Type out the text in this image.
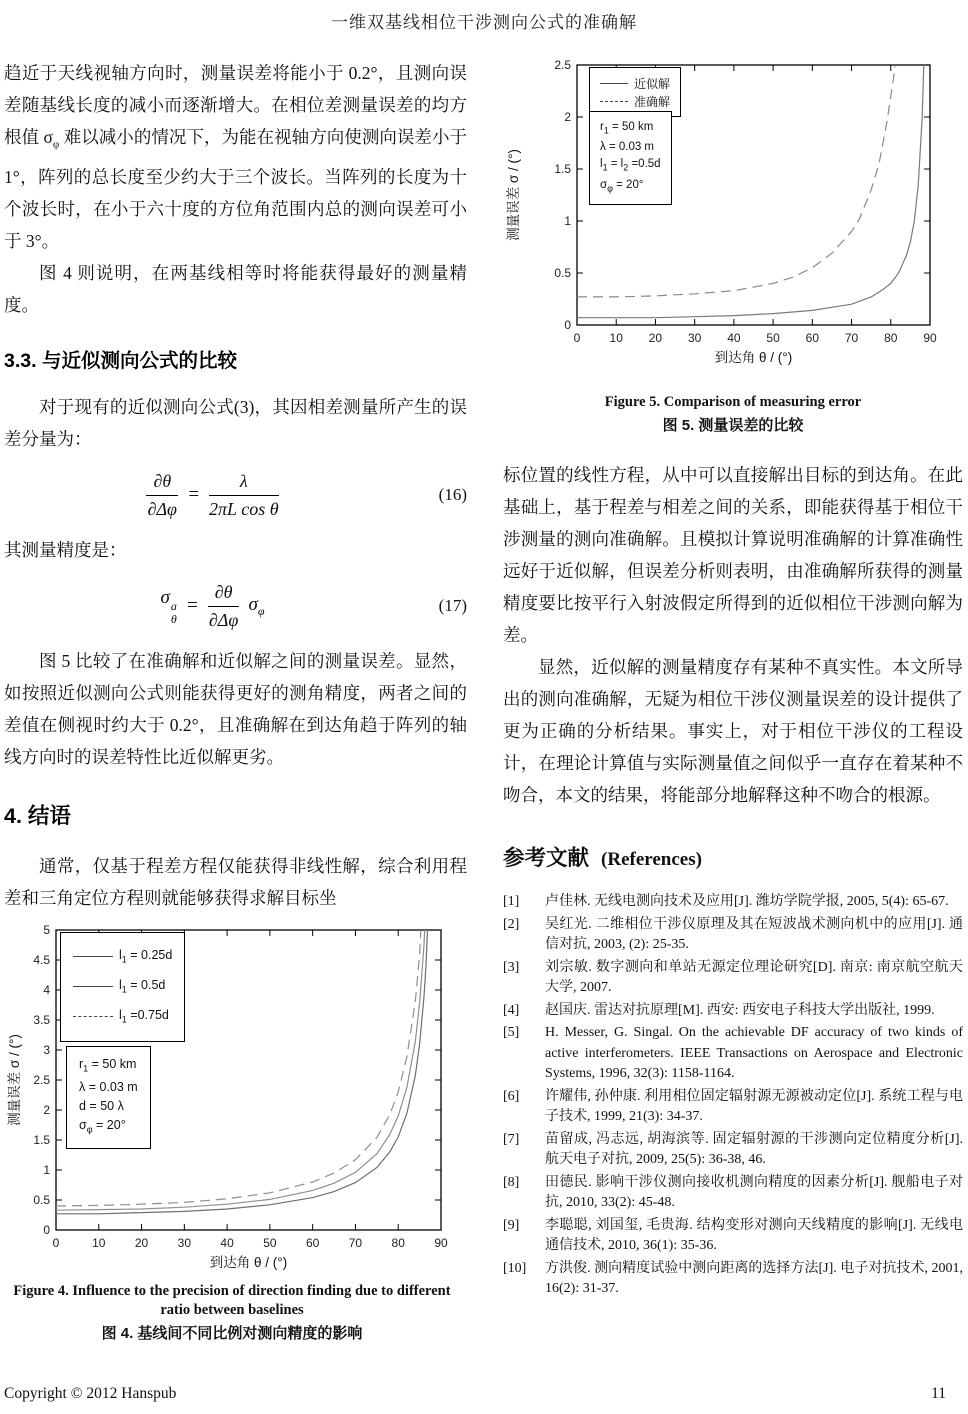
一维双基线相位干涉测向公式的准确解

趋近于天线视轴方向时，测量误差将能小于 0.2°，且测向误差随基线长度的减小而逐渐增大。在相位差测量误差的均方根值 $\sigma_\varphi$ 难以减小的情况下，为能在视轴方向使测向误差小于 1°，阵列的总长度至少约大于三个波长。当阵列的长度为十个波长时，在小于六十度的方位角范围内总的测向误差可小于 3°。

图 4 则说明，在两基线相等时将能获得最好的测量精度。

3.3. 与近似测向公式的比较

对于现有的近似测向公式(3)，其因相差测量所产生的误差分量为：

$\frac{\partial\theta}{\partial\Delta\varphi} = \frac{\lambda}{\text{2πL cos θ}}$	(16)

其测量精度是：

σ a
θ
= $\frac{\partial\theta}{\partial\Delta\varphi} \sigma_\varphi$	(17)

图 5 比较了在准确解和近似解之间的测量误差。显然，如按照近似测向公式则能获得更好的测角精度，两者之间的差值在侧视时约大于 0.2°，且准确解在到达角趋于阵列的轴线方向时的误差特性比近似解更劣。

4. 结语

通常，仅基于程差方程仅能获得非线性解，综合利用程差和三角定位方程则就能够获得求解目标坐

0	10 20 30 40 50 60 70 80 90
0
0.5
1
1.5
2
2.5
3
3.5
4
4.5
5
到达角 θ / (°)
测量误差 σ / (°)
$l_1 = 0.25d$
$l_1 = 0.5d$
$l_1 =0.75d$
$r_1 = 50$ km
λ = 0.03 m
d = 50 λ
$\sigma_\varphi = 20^\circ$
Figure 4. Influence to the precision of direction finding due to different ratio between baselines
图 4. 基线间不同比例对测向精度的影响
0 10 20 30 40 50 60 70 80 90
0
0.5
1
1.5
2
2.5
到达角 θ / (°)
测量误差 σ / (°)
近似解
准确解
$r_1 = 50$ km
λ = 0.03 m
$l_1 = l_2 =0.5d$
$\sigma_\varphi = 20^\circ$
Figure 5. Comparison of measuring error
图 5. 测量误差的比较

标位置的线性方程，从中可以直接解出目标的到达角。在此基础上，基于程差与相差之间的关系，即能获得基于相位干涉测量的测向准确解。且模拟计算说明准确解的计算准确性远好于近似解，但误差分析则表明，由准确解所获得的测量精度要比按平行入射波假定所得到的近似相位干涉测向解为差。

显然，近似解的测量精度存有某种不真实性。本文所导出的测向准确解，无疑为相位干涉仪测量误差的设计提供了更为正确的分析结果。事实上，对于相位干涉仪的工程设计，在理论计算值与实际测量值之间似乎一直存在着某种不吻合，本文的结果，将能部分地解释这种不吻合的根源。

参考文献 (References)
[1]	卢佳林. 无线电测向技术及应用[J]. 潍坊学院学报, 2005, 5(4): 65-67.
[2]	吴红光. 二维相位干涉仪原理及其在短波战术测向机中的应用[J]. 通信对抗, 2003, (2): 25-35.
[3]	刘宗敏. 数字测向和单站无源定位理论研究[D]. 南京: 南京航空航天大学, 2007.
[4]	赵国庆. 雷达对抗原理[M]. 西安: 西安电子科技大学出版社, 1999.
[5]	H. Messer, G. Singal. On the achievable DF accuracy of two kinds of active interferometers. IEEE Transactions on Aerospace and Electronic Systems, 1996, 32(3): 1158-1164.
[6]	许耀伟, 孙仲康. 利用相位固定辐射源无源被动定位[J]. 系统工程与电子技术, 1999, 21(3): 34-37.
[7]	苗留成, 冯志远, 胡海滨等. 固定辐射源的干涉测向定位精度分析[J]. 航天电子对抗, 2009, 25(5): 36-38, 46.
[8]	田德民. 影响干涉仪测向接收机测向精度的因素分析[J]. 舰船电子对抗, 2010, 33(2): 45-48.
[9]	李聪聪, 刘国玺, 毛贵海. 结构变形对测向天线精度的影响[J]. 无线电通信技术, 2010, 36(1): 35-36.
[10]	方洪俊. 测向精度试验中测向距离的选择方法[J]. 电子对抗技术, 2001, 16(2): 31-37.
Copyright © 2012 Hanspub	11
